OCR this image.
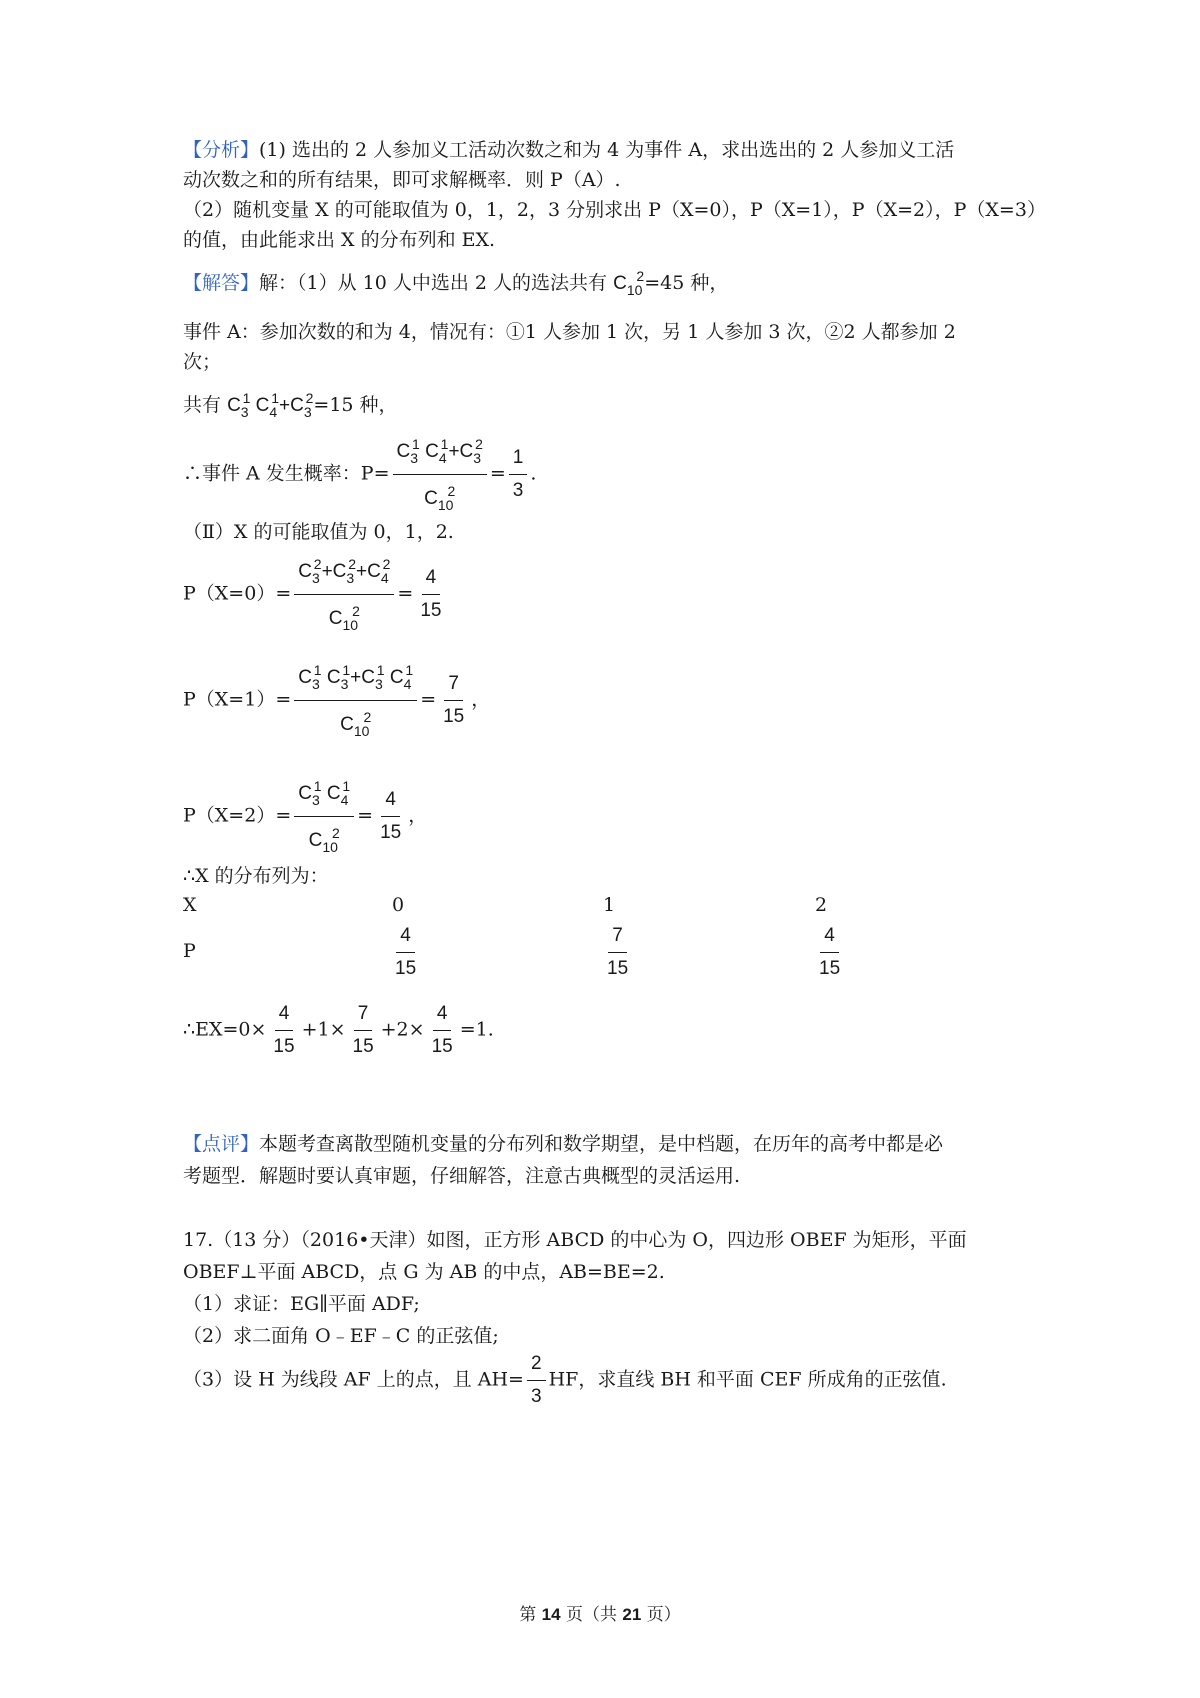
【分析】(1) 选出的 2 人参加义工活动次数之和为 4 为事件 A，求出选出的 2 人参加义工活
动次数之和的所有结果，即可求解概率．则 P（A）.
（2）随机变量 X 的可能取值为 0，1，2，3 分别求出 P（X=0），P（X=1），P（X=2），P（X=3）
的值，由此能求出 X 的分布列和 EX.
【解答】解：（1）从 10 人中选出 2 人的选法共有 $C_{10}^2=45$ 种，
事件 A：参加次数的和为 4，情况有：①1 人参加 1 次，另 1 人参加 3 次，②2 人都参加 2
次；
共有 $C_3^1$ $C_4^1+C_3^2=15$ 种，
∴事件 A 发生概率：$P= \frac{C_3^1 C_4^1+C_3^2}{C_{10}^2} = \frac{1}{3}$ .
（Ⅱ）X 的可能取值为 0，1，2.
$P(X=0)= \frac{C_3^2+C_3^2+C_4^2}{C_{10}^2} = \frac{4}{15}$
$P(X=1)= \frac{C_3^1 C_3^1+C_3^1 C_4^1}{C_{10}^2} = \frac{7}{15}$ ，
$P(X=2)= \frac{C_3^1 C_4^1}{C_{10}^2} = \frac{4}{15}$ ，
∴X 的分布列为：
X	0	1	2
P	$\frac{4}{15}$	$\frac{7}{15}$	$\frac{4}{15}$
∴EX=0× $\frac{4}{15} +1\times \frac{7}{15} +2\times \frac{4}{15} =1$.
【点评】本题考查离散型随机变量的分布列和数学期望，是中档题，在历年的高考中都是必
考题型．解题时要认真审题，仔细解答，注意古典概型的灵活运用.
17.（13 分）（2016•天津）如图，正方形 ABCD 的中心为 O，四边形 OBEF 为矩形，平面
OBEF⊥平面 ABCD，点 G 为 AB 的中点，AB=BE=2.
（1）求证：EG∥平面 ADF;
（2）求二面角 O﹣EF﹣C 的正弦值;
（3）设 H 为线段 AF 上的点，且 $AH= \frac{2}{3}$ HF，求直线 BH 和平面 CEF 所成角的正弦值.
第 14 页（共 21 页）
